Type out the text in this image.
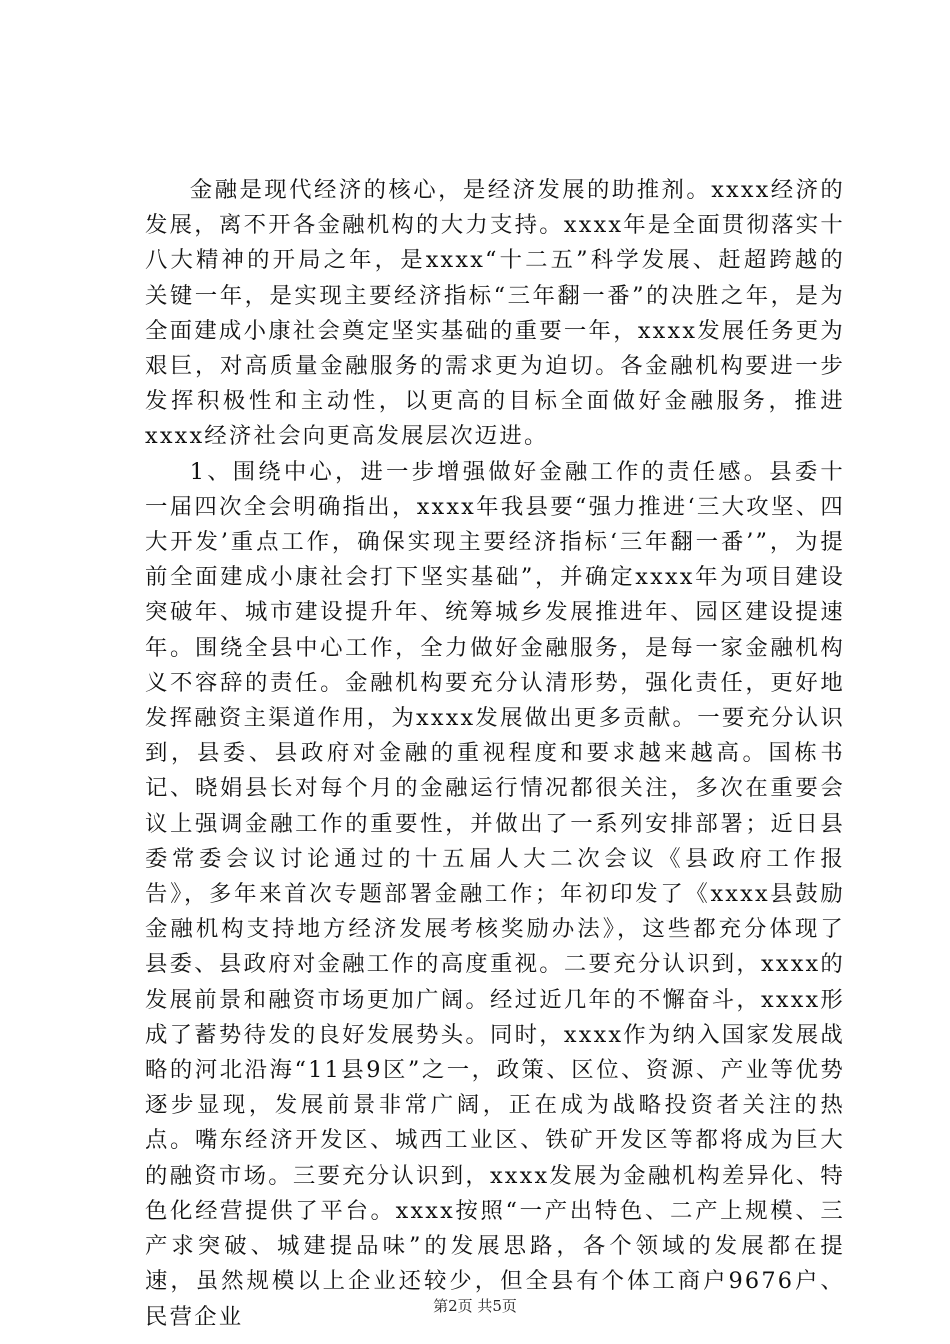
金融是现代经济的核心，是经济发展的助推剂。xxxx经济的发展，离不开各金融机构的大力支持。xxxx年是全面贯彻落实十八大精神的开局之年，是xxxx“十二五”科学发展、赶超跨越的关键一年，是实现主要经济指标“三年翻一番”的决胜之年，是为全面建成小康社会奠定坚实基础的重要一年，xxxx发展任务更为艰巨，对高质量金融服务的需求更为迫切。各金融机构要进一步发挥积极性和主动性，以更高的目标全面做好金融服务，推进xxxx经济社会向更高发展层次迈进。

1、围绕中心，进一步增强做好金融工作的责任感。县委十一届四次全会明确指出，xxxx年我县要“强力推进‘三大攻坚、四大开发’重点工作，确保实现主要经济指标‘三年翻一番’”，为提前全面建成小康社会打下坚实基础”，并确定xxxx年为项目建设突破年、城市建设提升年、统筹城乡发展推进年、园区建设提速年。围绕全县中心工作，全力做好金融服务，是每一家金融机构义不容辞的责任。金融机构要充分认清形势，强化责任，更好地发挥融资主渠道作用，为xxxx发展做出更多贡献。一要充分认识到，县委、县政府对金融的重视程度和要求越来越高。国栋书记、晓娟县长对每个月的金融运行情况都很关注，多次在重要会议上强调金融工作的重要性，并做出了一系列安排部署；近日县委常委会议讨论通过的十五届人大二次会议《县政府工作报告》，多年来首次专题部署金融工作；年初印发了《xxxx县鼓励金融机构支持地方经济发展考核奖励办法》，这些都充分体现了县委、县政府对金融工作的高度重视。二要充分认识到，xxxx的发展前景和融资市场更加广阔。经过近几年的不懈奋斗，xxxx形成了蓄势待发的良好发展势头。同时，xxxx作为纳入国家发展战略的河北沿海“11县9区”之一，政策、区位、资源、产业等优势逐步显现，发展前景非常广阔，正在成为战略投资者关注的热点。嘴东经济开发区、城西工业区、铁矿开发区等都将成为巨大的融资市场。三要充分认识到，xxxx发展为金融机构差异化、特色化经营提供了平台。xxxx按照“一产出特色、二产上规模、三产求突破、城建提品味”的发展思路，各个领域的发展都在提速，虽然规模以上企业还较少，但全县有个体工商户9676户、民营企业	第2页 共5页
